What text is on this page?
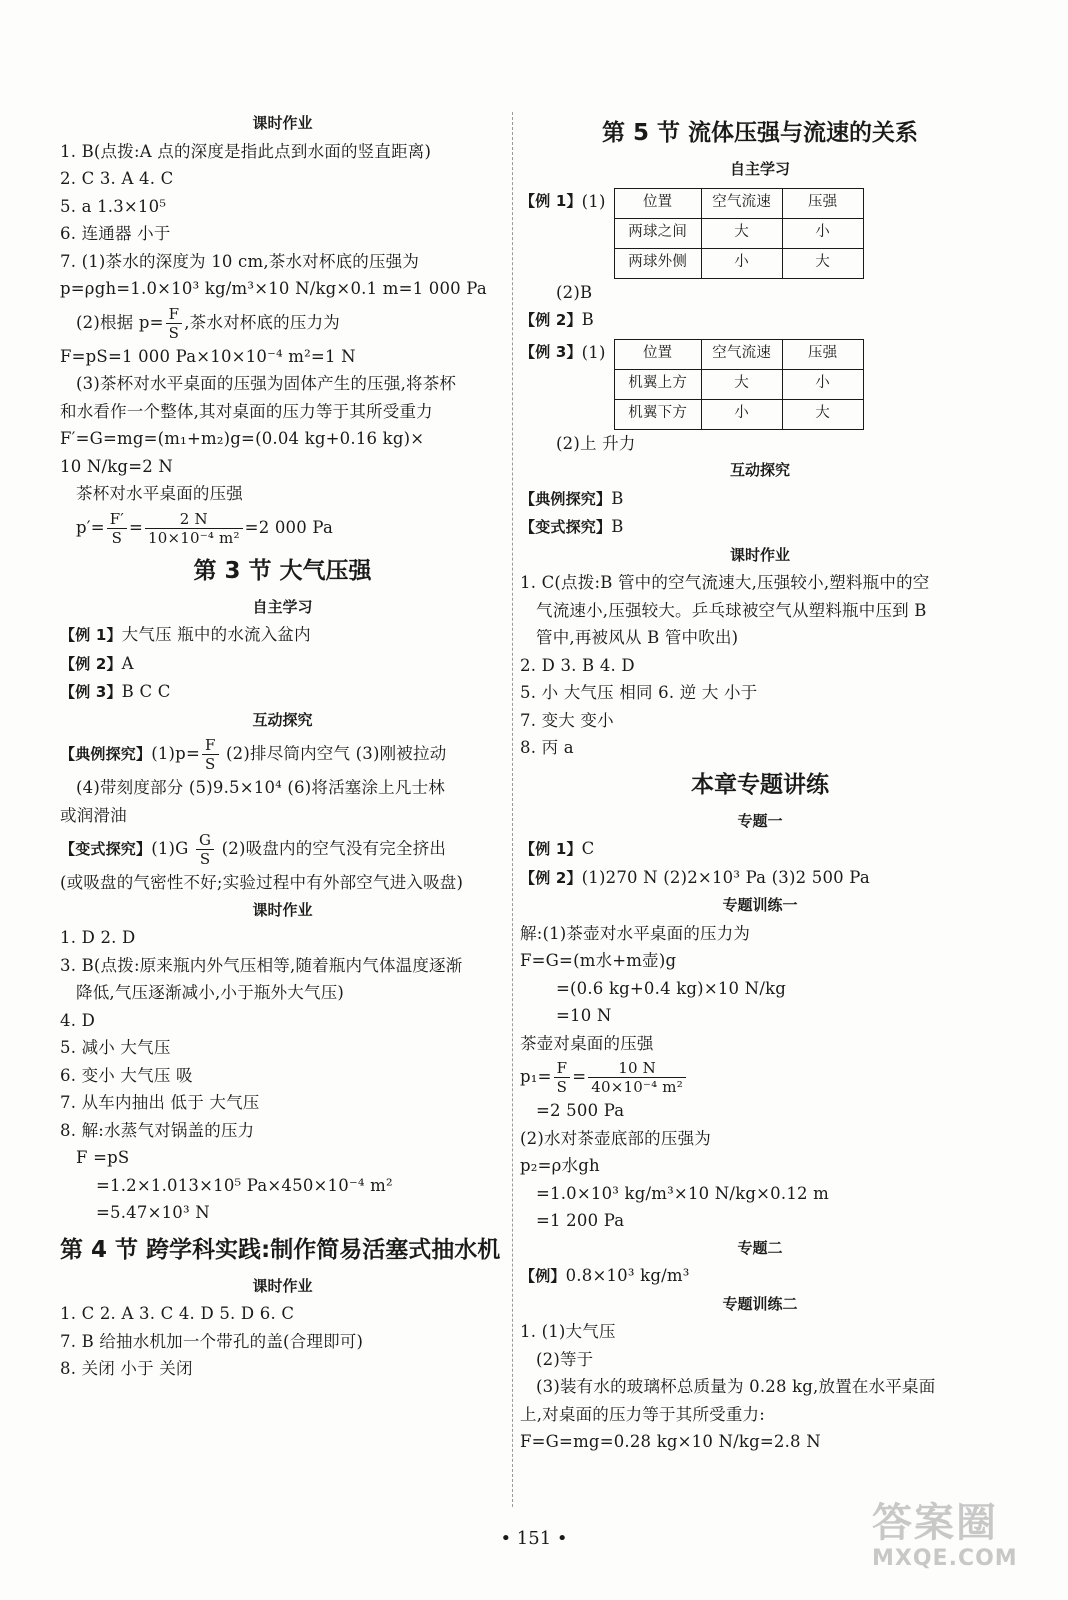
课时作业
1. B(点拨:A 点的深度是指此点到水面的竖直距离)
2. C 3. A 4. C
5. a 1.3×10⁵
6. 连通器 小于
7. (1)茶水的深度为 10 cm,茶水对杯底的压强为
p=ρgh=1.0×10³ kg/m³×10 N/kg×0.1 m=1 000 Pa
(2)根据 $p= \frac{F}{S}$ ,茶水对杯底的压力为
F=pS=1 000 Pa×10×10⁻⁴ m²=1 N
(3)茶杯对水平桌面的压强为固体产生的压强,将茶杯
和水看作一个整体,其对桌面的压力等于其所受重力
F′=G=mg=(m₁+m₂)g=(0.04 kg+0.16 kg)×
10 N/kg=2 N
茶杯对水平桌面的压强
$p'= \frac{F'}{S} = \frac{2 N}{\text{10×10⁻⁴ m²}} =2$ 000 Pa
第 3 节 大气压强
自主学习
【例 1】大气压 瓶中的水流入盆内
【例 2】A
【例 3】B C C
互动探究
【典例探究】$(1)p= \frac{F}{S} (2)$排尽筒内空气 (3)刚被拉动
(4)带刻度部分 (5)9.5×10⁴ (6)将活塞涂上凡士林
或润滑油
【变式探究】$(1)G \frac{G}{S} (2)$吸盘内的空气没有完全挤出
(或吸盘的气密性不好;实验过程中有外部空气进入吸盘)
课时作业
1. D 2. D
3. B(点拨:原来瓶内外气压相等,随着瓶内气体温度逐渐
降低,气压逐渐减小,小于瓶外大气压)
4. D
5. 减小 大气压
6. 变小 大气压 吸
7. 从车内抽出 低于 大气压
8. 解:水蒸气对锅盖的压力
F =pS
=1.2×1.013×10⁵ Pa×450×10⁻⁴ m²
=5.47×10³ N
第 4 节 跨学科实践:制作简易活塞式抽水机
课时作业
1. C 2. A 3. C 4. D 5. D 6. C
7. B 给抽水机加一个带孔的盖(合理即可)
8. 关闭 小于 关闭
第 5 节 流体压强与流速的关系
自主学习
【例 1】 (1)	位置	空气流速	压强
两球之间	大	小
两球外侧	小	大
(2)B
【例 2】B
【例 3】 (1)	位置	空气流速	压强
机翼上方	大	小
机翼下方	小	大
(2)上 升力
互动探究
【典例探究】B
【变式探究】B
课时作业
1. C(点拨:B 管中的空气流速大,压强较小,塑料瓶中的空
气流速小,压强较大。乒乓球被空气从塑料瓶中压到 B
管中,再被风从 B 管中吹出)
2. D 3. B 4. D
5. 小 大气压 相同 6. 逆 大 小于
7. 变大 变小
8. 丙 a
本章专题讲练
专题一
【例 1】C
【例 2】(1)270 N (2)2×10³ Pa (3)2 500 Pa
专题训练一
解:(1)茶壶对水平桌面的压力为
F=G=(m水+m壶)g
=(0.6 kg+0.4 kg)×10 N/kg
=10 N
茶壶对桌面的压强
$p_1= \frac{F}{S} = \frac{10 N}{\text{40×10⁻⁴ m²}}$
=2 500 Pa
(2)水对茶壶底部的压强为
p₂=ρ水gh
=1.0×10³ kg/m³×10 N/kg×0.12 m
=1 200 Pa
专题二
【例】0.8×10³ kg/m³
专题训练二
1. (1)大气压
(2)等于
(3)装有水的玻璃杯总质量为 0.28 kg,放置在水平桌面
上,对桌面的压力等于其所受重力:
F=G=mg=0.28 kg×10 N/kg=2.8 N
• 151 •	答案圈
MXQE.COM
